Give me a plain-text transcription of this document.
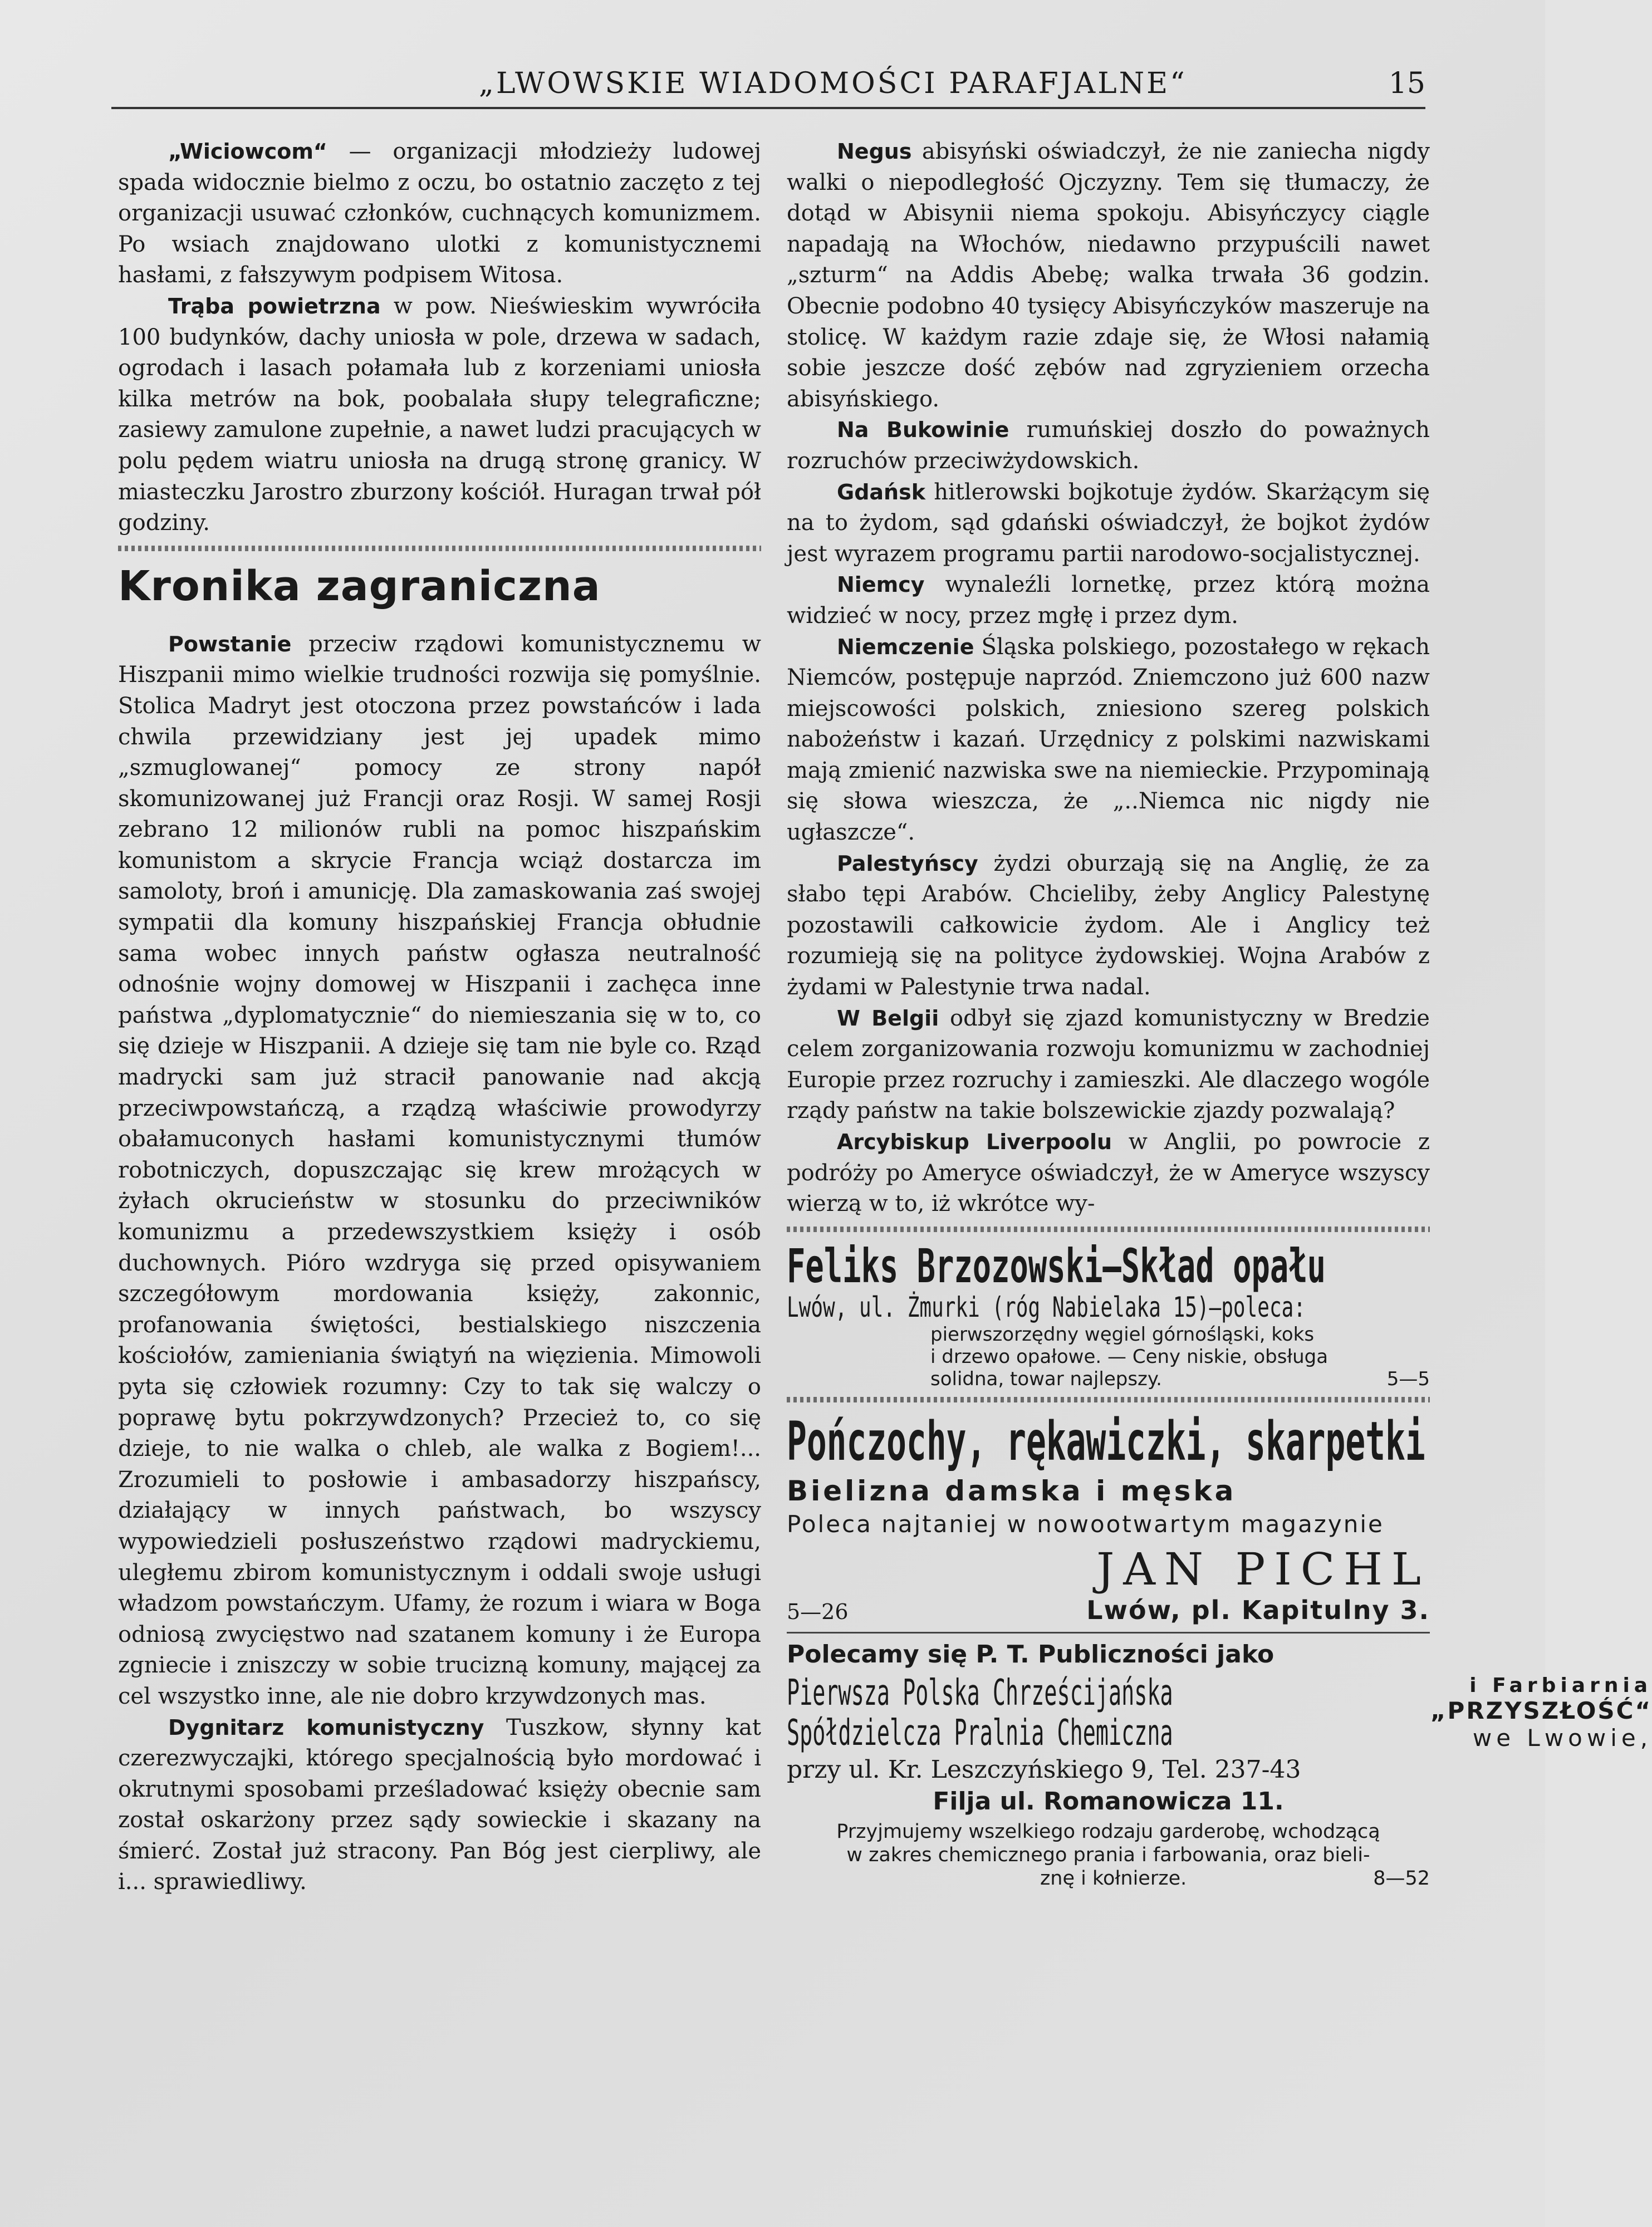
„LWOWSKIE WIADOMOŚCI PARAFJALNE“	15

„Wiciowcom“ — organizacji młodzieży ludowej spada widocznie bielmo z oczu, bo ostatnio zaczęto z tej organizacji usuwać członków, cuchnących komunizmem. Po wsiach znajdowano ulotki z komunistycznemi hasłami, z fałszywym podpisem Witosa.

Trąba powietrzna w pow. Nieświeskim wywróciła 100 budynków, dachy uniosła w pole, drzewa w sadach, ogrodach i lasach połamała lub z korzeniami uniosła kilka metrów na bok, poobalała słupy telegraficzne; zasiewy zamulone zupełnie, a nawet ludzi pracujących w polu pędem wiatru uniosła na drugą stronę granicy. W miasteczku Jarostro zburzony kościół. Huragan trwał pół godziny.

Kronika zagraniczna

Powstanie przeciw rządowi komunistycznemu w Hiszpanii mimo wielkie trudności rozwija się pomyślnie. Stolica Madryt jest otoczona przez powstańców i lada chwila przewidziany jest jej upadek mimo „szmuglowanej“ pomocy ze strony napół skomunizowanej już Francji oraz Rosji. W samej Rosji zebrano 12 milionów rubli na pomoc hiszpańskim komunistom a skrycie Francja wciąż dostarcza im samoloty, broń i amunicję. Dla zamaskowania zaś swojej sympatii dla komuny hiszpańskiej Francja obłudnie sama wobec innych państw ogłasza neutralność odnośnie wojny domowej w Hiszpanii i zachęca inne państwa „dyplomatycznie“ do niemieszania się w to, co się dzieje w Hiszpanii. A dzieje się tam nie byle co. Rząd madrycki sam już stracił panowanie nad akcją przeciwpowstańczą, a rządzą właściwie prowodyrzy obałamuconych hasłami komunistycznymi tłumów robotniczych, dopuszczając się krew mrożących w żyłach okrucieństw w stosunku do przeciwników komunizmu a przedewszystkiem księży i osób duchownych. Pióro wzdryga się przed opisywaniem szczegółowym mordowania księży, zakonnic, profanowania świętości, bestialskiego niszczenia kościołów, zamieniania świątyń na więzienia. Mimowoli pyta się człowiek rozumny: Czy to tak się walczy o poprawę bytu pokrzywdzonych? Przecież to, co się dzieje, to nie walka o chleb, ale walka z Bogiem!... Zrozumieli to posłowie i ambasadorzy hiszpańscy, działający w innych państwach, bo wszyscy wypowiedzieli posłuszeństwo rządowi madryckiemu, uległemu zbirom komunistycznym i oddali swoje usługi władzom powstańczym. Ufamy, że rozum i wiara w Boga odniosą zwycięstwo nad szatanem komuny i że Europa zgniecie i zniszczy w sobie trucizną komuny, mającej za cel wszystko inne, ale nie dobro krzywdzonych mas.

Dygnitarz komunistyczny Tuszkow, słynny kat czerezwyczajki, którego specjalnością było mordować i okrutnymi sposobami prześladować księży obecnie sam został oskarżony przez sądy sowieckie i skazany na śmierć. Został już stracony. Pan Bóg jest cierpliwy, ale i... sprawiedliwy.

Negus abisyński oświadczył, że nie zaniecha nigdy walki o niepodległość Ojczyzny. Tem się tłumaczy, że dotąd w Abisynii niema spokoju. Abisyńczycy ciągle napadają na Włochów, niedawno przypuścili nawet „szturm“ na Addis Abebę; walka trwała 36 godzin. Obecnie podobno 40 tysięcy Abisyńczyków maszeruje na stolicę. W każdym razie zdaje się, że Włosi nałamią sobie jeszcze dość zębów nad zgryzieniem orzecha abisyńskiego.

Na Bukowinie rumuńskiej doszło do poważnych rozruchów przeciwżydowskich.

Gdańsk hitlerowski bojkotuje żydów. Skarżącym się na to żydom, sąd gdański oświadczył, że bojkot żydów jest wyrazem programu partii narodowo-socjalistycznej.

Niemcy wynaleźli lornetkę, przez którą można widzieć w nocy, przez mgłę i przez dym.

Niemczenie Śląska polskiego, pozostałego w rękach Niemców, postępuje naprzód. Zniemczono już 600 nazw miejscowości polskich, zniesiono szereg polskich nabożeństw i kazań. Urzędnicy z polskimi nazwiskami mają zmienić nazwiska swe na niemieckie. Przypominają się słowa wieszcza, że „..Niemca nic nigdy nie ugłaszcze“.

Palestyńscy żydzi oburzają się na Anglię, że za słabo tępi Arabów. Chcieliby, żeby Anglicy Palestynę pozostawili całkowicie żydom. Ale i Anglicy też rozumieją się na polityce żydowskiej. Wojna Arabów z żydami w Palestynie trwa nadal.

W Belgii odbył się zjazd komunistyczny w Bredzie celem zorganizowania rozwoju komunizmu w zachodniej Europie przez rozruchy i zamieszki. Ale dlaczego wogóle rządy państw na takie bolszewickie zjazdy pozwalają?

Arcybiskup Liverpoolu w Anglii, po powrocie z podróży po Ameryce oświadczył, że w Ameryce wszyscy wierzą w to, iż wkrótce wy-

Feliks Brzozowski—Skład opału
Lwów, ul. Żmurki (róg Nabielaka 15)—poleca:
pierwszorzędny węgiel górnośląski, koks
i drzewo opałowe. — Ceny niskie, obsługa
solidna, towar najlepszy.	5—5
Pończochy, rękawiczki, skarpetki
Bielizna damska i męska
Poleca najtaniej w nowootwartym magazynie
JAN PICHL
5—26	Lwów, pl. Kapitulny 3.
Polecamy się P. T. Publiczności jako
Pierwsza Polska Chrześcijańska
Spółdzielcza Pralnia Chemiczna
i Farbiarnia
„PRZYSZŁOŚĆ“
we Lwowie,
przy ul. Kr. Leszczyńskiego 9, Tel. 237-43
Filja ul. Romanowicza 11.
Przyjmujemy wszelkiego rodzaju garderobę, wchodzącą
w zakres chemicznego prania i farbowania, oraz bieli-
znę i kołnierze.	8—52
